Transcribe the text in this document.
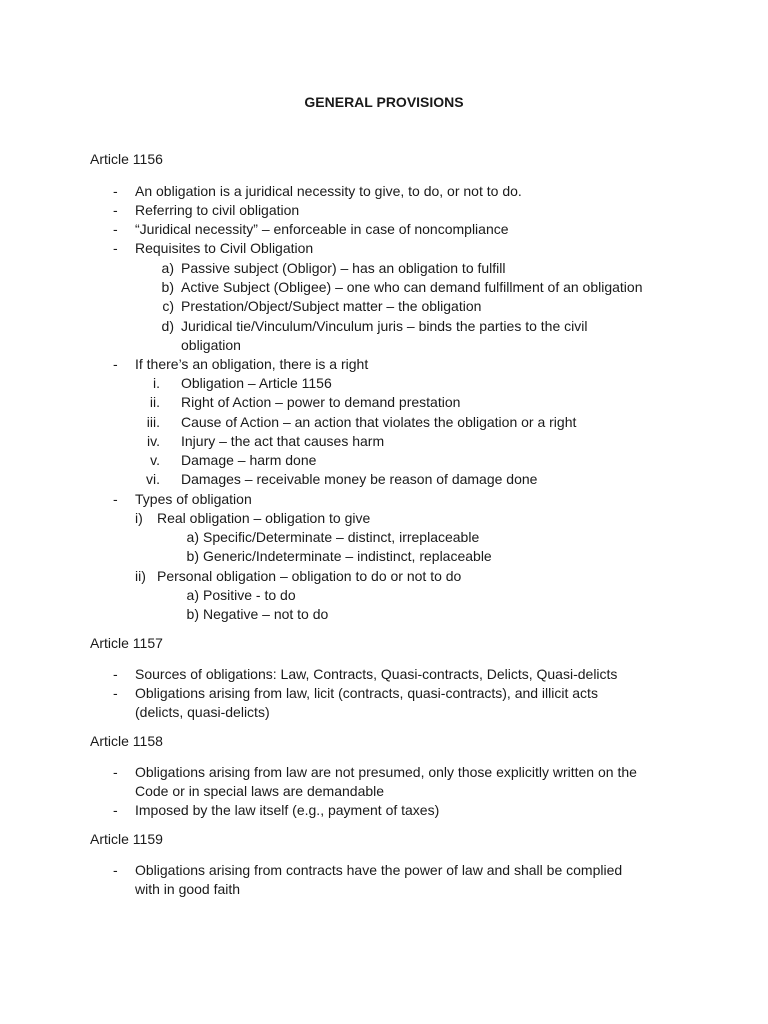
GENERAL PROVISIONS
Article 1156
-	An obligation is a juridical necessity to give, to do, or not to do.
-	Referring to civil obligation
-	“Juridical necessity” – enforceable in case of noncompliance
-	Requisites to Civil Obligation
a) Passive subject (Obligor) – has an obligation to fulfill
b) Active Subject (Obligee) – one who can demand fulfillment of an obligation
c) Prestation/Object/Subject matter – the obligation
d) Juridical tie/Vinculum/Vinculum juris – binds the parties to the civil
obligation
-	If there’s an obligation, there is a right
i. Obligation – Article 1156
ii. Right of Action – power to demand prestation
iii. Cause of Action – an action that violates the obligation or a right
iv. Injury – the act that causes harm
v. Damage – harm done
vi. Damages – receivable money be reason of damage done
-	Types of obligation
i) Real obligation – obligation to give
a) Specific/Determinate – distinct, irreplaceable
b) Generic/Indeterminate – indistinct, replaceable
ii) Personal obligation – obligation to do or not to do
a) Positive - to do
b) Negative – not to do
Article 1157
-	Sources of obligations: Law, Contracts, Quasi-contracts, Delicts, Quasi-delicts
-	Obligations arising from law, licit (contracts, quasi-contracts), and illicit acts
(delicts, quasi-delicts)
Article 1158
-	Obligations arising from law are not presumed, only those explicitly written on the
Code or in special laws are demandable
-	Imposed by the law itself (e.g., payment of taxes)
Article 1159
-	Obligations arising from contracts have the power of law and shall be complied
with in good faith
